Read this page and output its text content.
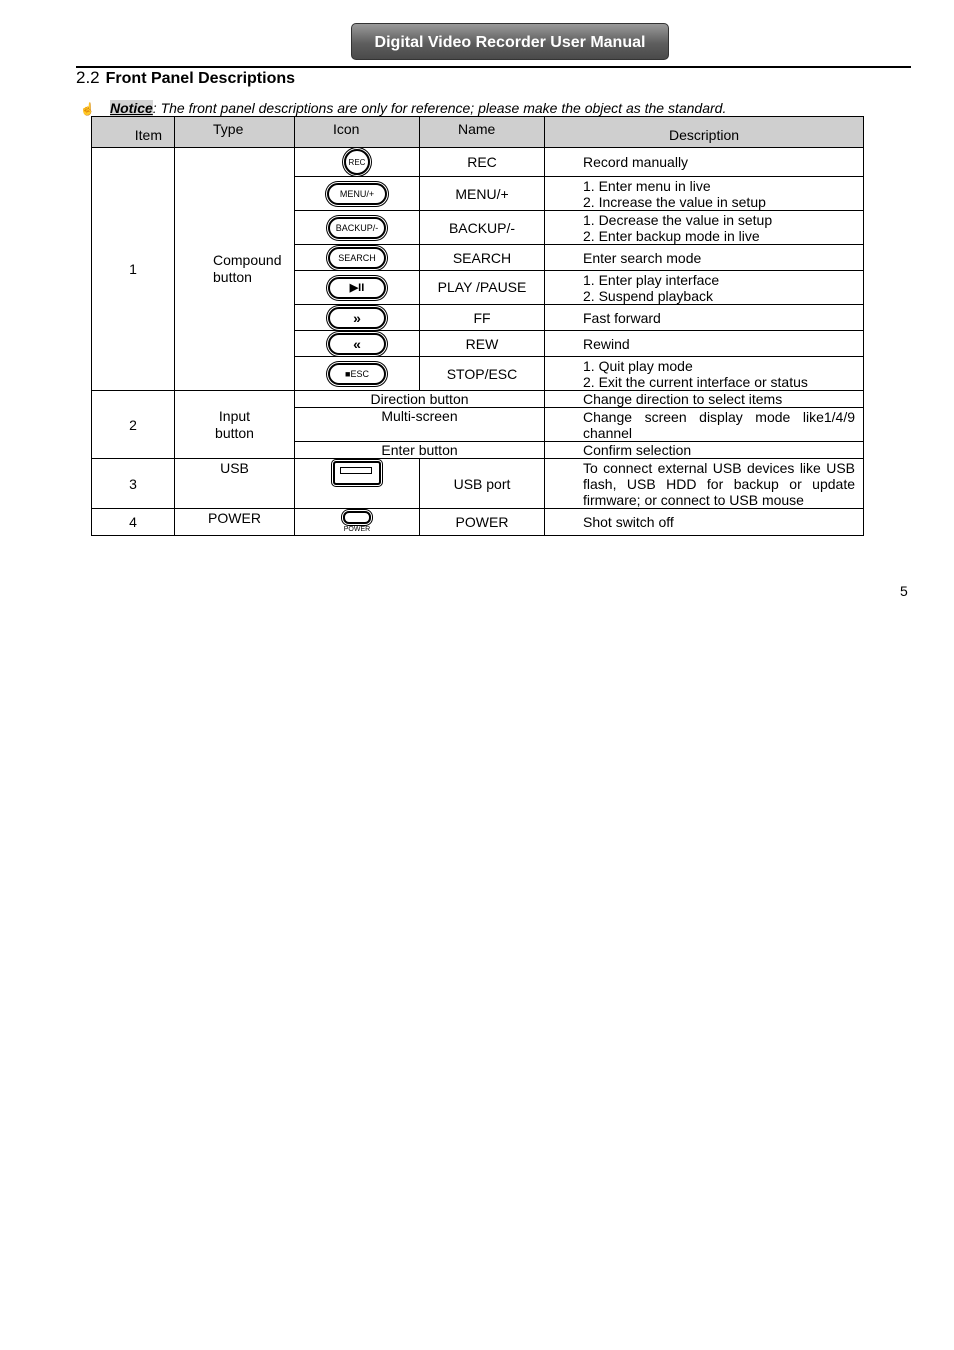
Digital Video Recorder User Manual
2.2 Front Panel Descriptions
☝ Notice: The front panel descriptions are only for reference; please make the object as the standard.
Item	Type	Icon	Name	Description
1	Compound button	REC	REC	Record manually

MENU/+	MENU/+	1. Enter menu in live
2. Increase the value in setup

BACKUP/-	BACKUP/-	1. Decrease the value in setup
2. Enter backup mode in live

SEARCH	SEARCH	Enter search mode

▶II	PLAY /PAUSE	1. Enter play interface
2. Suspend playback

»	FF	Fast forward

«	REW	Rewind

■ESC	STOP/ESC	1. Quit play mode
2. Exit the current interface or status

2	Input button	Direction button		Change direction to select items
		Multi-screen		Change screen display mode like1/4/9 channel
		Enter button		Confirm selection
3	USB		USB port	To connect external USB devices like USB flash, USB HDD for backup or update firmware; or connect to USB mouse
4	POWER	POWER	POWER	Shot switch off
5
